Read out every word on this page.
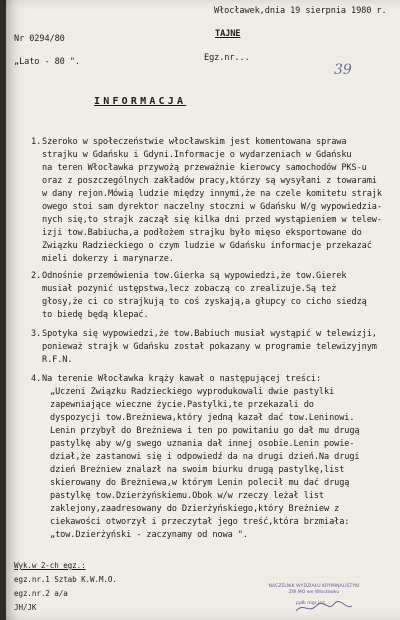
Włocławek,dnia 19 sierpnia 1980 r.
Nr 0294/80
„Lato - 80 ".
TAJNE
Egz.nr...
39
INFORMACJA
1. Szeroko w społeczeństwie włocławskim jest komentowana sprawa
strajku w Gdańsku i Gdyni.Informacje o wydarzeniach w Gdańsku
na teren Włocławka przywożą przeważnie kierowcy samochodów PKS-u
oraz z poszczególnych zakładów pracy,którzy są wysyłani z towarami
w dany rejon.Mówią ludzie między innymi,że na czele komitetu strajk
owego stoi sam dyrektor naczelny stoczni w Gdańsku W/g wypowiedzia-
nych się,to strajk zaczął się kilka dni przed wystąpieniem w telew-
izji tow.Babiucha,a podłożem strajku było mięso eksportowane do
Związku Radzieckiego o czym ludzie w Gdańsku informacje przekazać
mieli dokerzy i marynarze.
2. Odnośnie przemówienia tow.Gierka są wypowiedzi,że tow.Gierek
musiał pozynić ustępstwa,lecz zobaczą co zrealizuje.Są też
głosy,że ci co strajkują to coś zyskają,a głupcy co cicho siedzą
to biedę będą klepać.
3. Spotyka się wypowiedzi,że tow.Babiuch musiał wystąpić w telewizji,
ponieważ strajk w Gdańsku został pokazany w programie telewizyjnym
R.F.N.
4. Na terenie Włocławka krąży kawał o następującej treści:
„Uczeni Związku Radzieckiego wyprodukowali dwie pastylki
zapewniające wieczne życie.Pastylki,te przekazali do
dyspozycji tow.Breżniewa,który jedną kazał dać tow.Leninowi.
Lenin przybył do Breżniewa i ten po powitaniu go dał mu drugą
pastylkę aby w/g swego uznania dał innej osobie.Lenin powie-
dział,że zastanowi się i odpowiedź da na drugi dzień.Na drugi
dzień Breżniew znalazł na swoim biurku drugą pastylkę,list
skierowany do Breżniewa,w którym Lenin polecił mu dać drugą
pastylkę tow.Dzierżyńskiemu.Obok w/w rzeczy leżał list
zaklejony,zaadresowany do Dzierżyńskiego,który Breżniew z
ciekawości otworzył i przeczytał jego treść,która brzmiała:
„tow.Dzierżyński - zaczynamy od nowa ".
Wyk.w 2-ch egz.:
egz.nr.1 Sztab K.W.M.O.
egz.nr.2 a/a
JH/JK
NACZELNIK WYDZIAŁU KRYMINALISTYKI
ZW MO we Włocławku
ppłk mgr inż. ...
